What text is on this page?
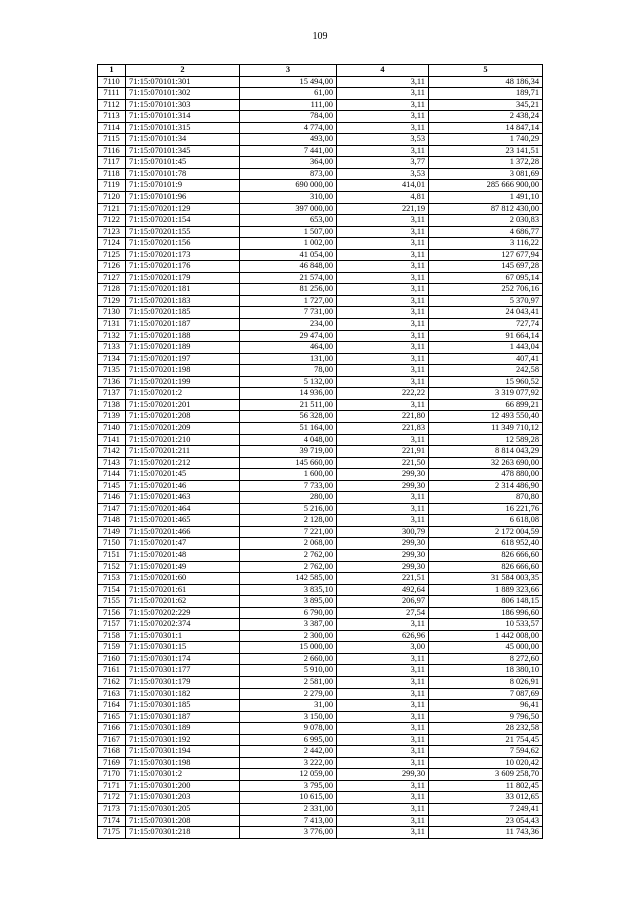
109
1	2	3	4	5
7110	71:15:070101:301	15 494,00	3,11	48 186,34
7111	71:15:070101:302	61,00	3,11	189,71
7112	71:15:070101:303	111,00	3,11	345,21
7113	71:15:070101:314	784,00	3,11	2 438,24
7114	71:15:070101:315	4 774,00	3,11	14 847,14
7115	71:15:070101:34	493,00	3,53	1 740,29
7116	71:15:070101:345	7 441,00	3,11	23 141,51
7117	71:15:070101:45	364,00	3,77	1 372,28
7118	71:15:070101:78	873,00	3,53	3 081,69
7119	71:15:070101:9	690 000,00	414,01	285 666 900,00
7120	71:15:070101:96	310,00	4,81	1 491,10
7121	71:15:070201:129	397 000,00	221,19	87 812 430,00
7122	71:15:070201:154	653,00	3,11	2 030,83
7123	71:15:070201:155	1 507,00	3,11	4 686,77
7124	71:15:070201:156	1 002,00	3,11	3 116,22
7125	71:15:070201:173	41 054,00	3,11	127 677,94
7126	71:15:070201:176	46 848,00	3,11	145 697,28
7127	71:15:070201:179	21 574,00	3,11	67 095,14
7128	71:15:070201:181	81 256,00	3,11	252 706,16
7129	71:15:070201:183	1 727,00	3,11	5 370,97
7130	71:15:070201:185	7 731,00	3,11	24 043,41
7131	71:15:070201:187	234,00	3,11	727,74
7132	71:15:070201:188	29 474,00	3,11	91 664,14
7133	71:15:070201:189	464,00	3,11	1 443,04
7134	71:15:070201:197	131,00	3,11	407,41
7135	71:15:070201:198	78,00	3,11	242,58
7136	71:15:070201:199	5 132,00	3,11	15 960,52
7137	71:15:070201:2	14 936,00	222,22	3 319 077,92
7138	71:15:070201:201	21 511,00	3,11	66 899,21
7139	71:15:070201:208	56 328,00	221,80	12 493 550,40
7140	71:15:070201:209	51 164,00	221,83	11 349 710,12
7141	71:15:070201:210	4 048,00	3,11	12 589,28
7142	71:15:070201:211	39 719,00	221,91	8 814 043,29
7143	71:15:070201:212	145 660,00	221,50	32 263 690,00
7144	71:15:070201:45	1 600,00	299,30	478 880,00
7145	71:15:070201:46	7 733,00	299,30	2 314 486,90
7146	71:15:070201:463	280,00	3,11	870,80
7147	71:15:070201:464	5 216,00	3,11	16 221,76
7148	71:15:070201:465	2 128,00	3,11	6 618,08
7149	71:15:070201:466	7 221,00	300,79	2 172 004,59
7150	71:15:070201:47	2 068,00	299,30	618 952,40
7151	71:15:070201:48	2 762,00	299,30	826 666,60
7152	71:15:070201:49	2 762,00	299,30	826 666,60
7153	71:15:070201:60	142 585,00	221,51	31 584 003,35
7154	71:15:070201:61	3 835,10	492,64	1 889 323,66
7155	71:15:070201:62	3 895,00	206,97	806 148,15
7156	71:15:070202:229	6 790,00	27,54	186 996,60
7157	71:15:070202:374	3 387,00	3,11	10 533,57
7158	71:15:070301:1	2 300,00	626,96	1 442 008,00
7159	71:15:070301:15	15 000,00	3,00	45 000,00
7160	71:15:070301:174	2 660,00	3,11	8 272,60
7161	71:15:070301:177	5 910,00	3,11	18 380,10
7162	71:15:070301:179	2 581,00	3,11	8 026,91
7163	71:15:070301:182	2 279,00	3,11	7 087,69
7164	71:15:070301:185	31,00	3,11	96,41
7165	71:15:070301:187	3 150,00	3,11	9 796,50
7166	71:15:070301:189	9 078,00	3,11	28 232,58
7167	71:15:070301:192	6 995,00	3,11	21 754,45
7168	71:15:070301:194	2 442,00	3,11	7 594,62
7169	71:15:070301:198	3 222,00	3,11	10 020,42
7170	71:15:070301:2	12 059,00	299,30	3 609 258,70
7171	71:15:070301:200	3 795,00	3,11	11 802,45
7172	71:15:070301:203	10 615,00	3,11	33 012,65
7173	71:15:070301:205	2 331,00	3,11	7 249,41
7174	71:15:070301:208	7 413,00	3,11	23 054,43
7175	71:15:070301:218	3 776,00	3,11	11 743,36
